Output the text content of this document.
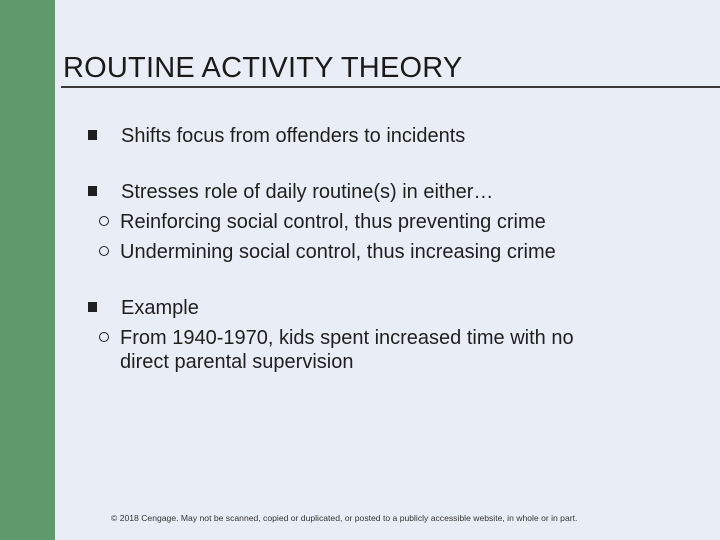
ROUTINE ACTIVITY THEORY
Shifts focus from offenders to incidents
Stresses role of daily routine(s) in either…
Reinforcing social control, thus preventing crime
Undermining social control, thus increasing crime
Example
From 1940-1970, kids spent increased time with no
direct parental supervision
© 2018 Cengage. May not be scanned, copied or duplicated, or posted to a publicly accessible website, in whole or in part.
